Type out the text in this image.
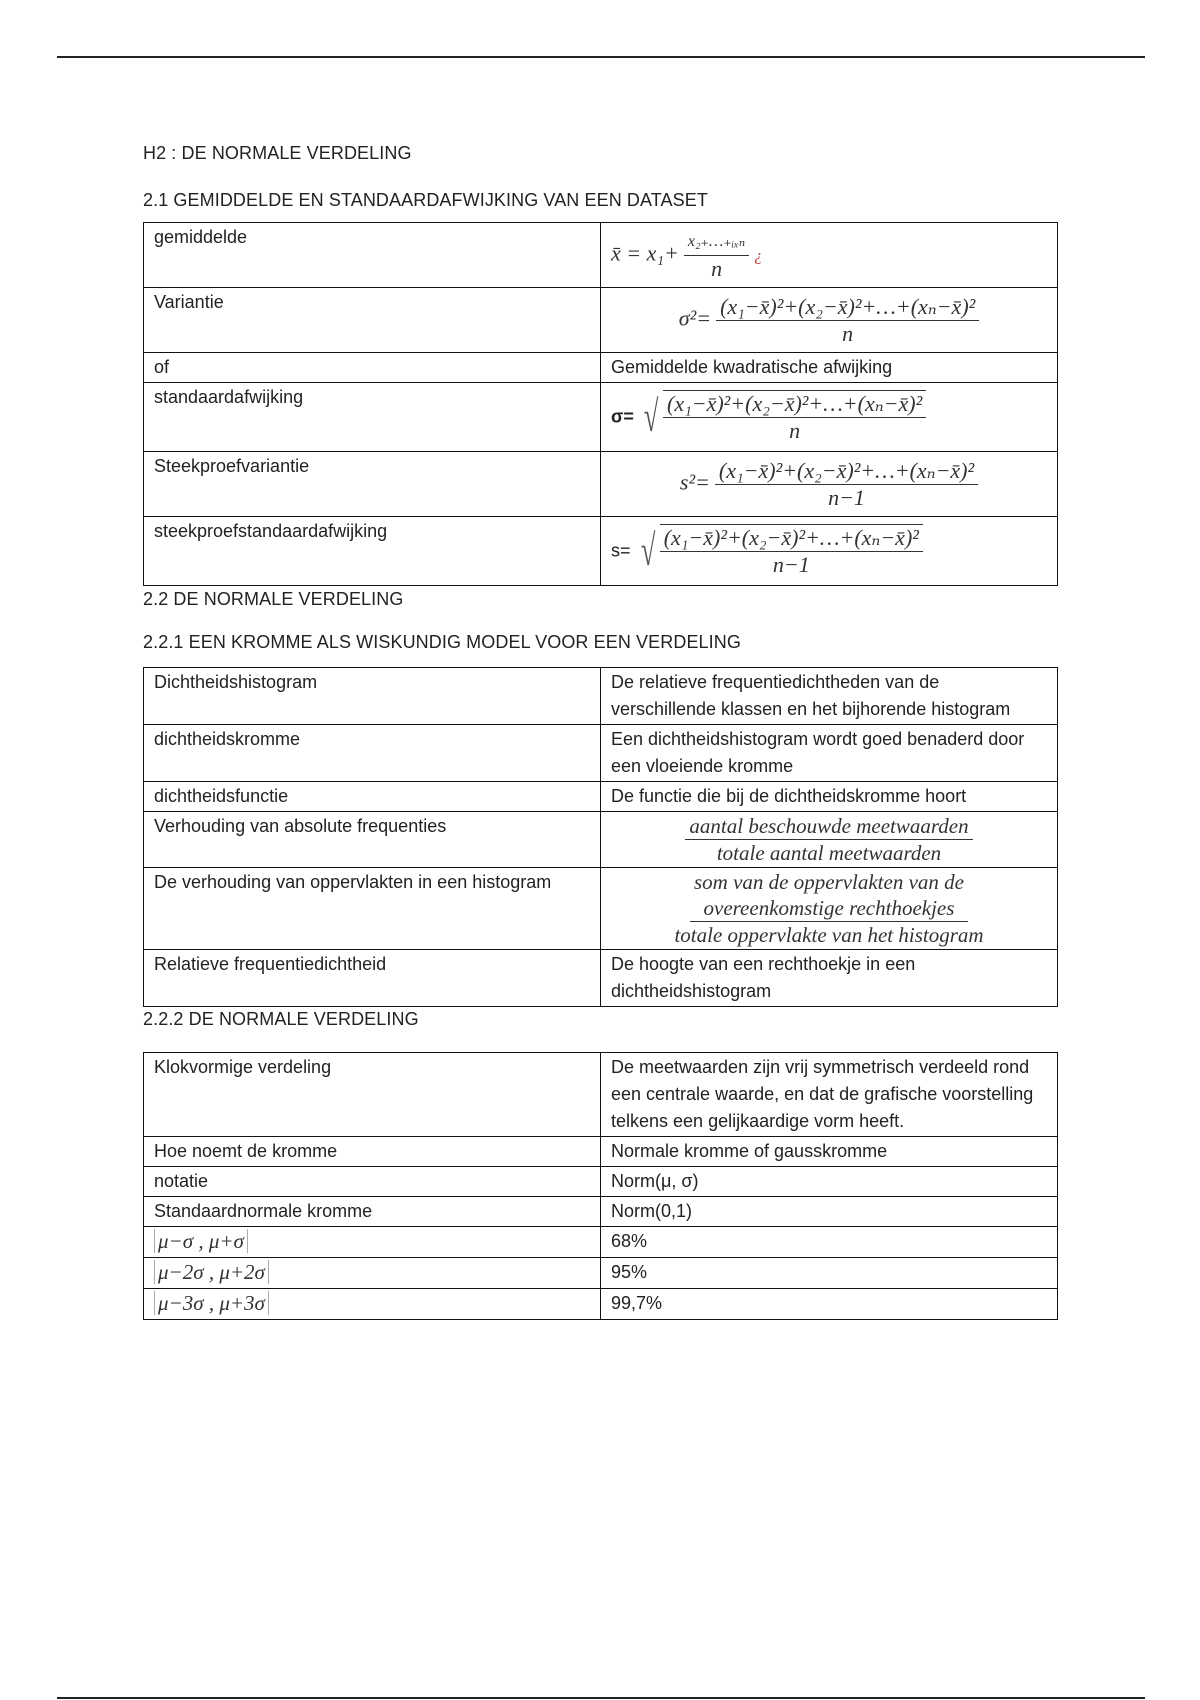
H2 : DE NORMALE VERDELING

2.1 GEMIDDELDE EN STANDAARDAFWIJKING VAN EEN DATASET

gemiddelde	x̄ = $x_1+ \frac{\text{x₂₊…₊ᵢₓₙ}}{n}$ ¿
Variantie	$\sigma^2= \frac{\text{(x₁−x̄)²+(x₂−x̄)²+…+(xₙ−x̄)²}}{n}$

of	Gemiddelde kwadratische afwijking
standaardafwijking	σ= √ $\frac{\text{(x₁−x̄)²+(x₂−x̄)²+…+(xₙ−x̄)²}}{n}$

Steekproefvariantie	$s^2= \frac{\text{(x₁−x̄)²+(x₂−x̄)²+…+(xₙ−x̄)²}}{n-1}$

steekproefstandaardafwijking	s= √ $\frac{\text{(x₁−x̄)²+(x₂−x̄)²+…+(xₙ−x̄)²}}{n-1}$

2.2 DE NORMALE VERDELING

2.2.1 EEN KROMME ALS WISKUNDIG MODEL VOOR EEN VERDELING

Dichtheidshistogram	De relatieve frequentiedichtheden van de verschillende klassen en het bijhorende histogram
dichtheidskromme	Een dichtheidshistogram wordt goed benaderd door een vloeiende kromme
dichtheidsfunctie	De functie die bij de dichtheidskromme hoort
Verhouding van absolute frequenties	$\frac{\text{aantal beschouwde meetwaarden}}{\text{totale aantal meetwaarden}}$

De verhouding van oppervlakten in een histogram	som van de oppervlakten van de
overeenkomstige rechthoekjes
totale oppervlakte van het histogram

Relatieve frequentiedichtheid	De hoogte van een rechthoekje in een dichtheidshistogram

2.2.2 DE NORMALE VERDELING

Klokvormige verdeling	De meetwaarden zijn vrij symmetrisch verdeeld rond een centrale waarde, en dat de grafische voorstelling telkens een gelijkaardige vorm heeft.
Hoe noemt de kromme	Normale kromme of gausskromme
notatie	Norm(μ, σ)
Standaardnormale kromme	Norm(0,1)
μ−σ , μ+σ	68%
μ−2σ , μ+2σ	95%
μ−3σ , μ+3σ	99,7%
